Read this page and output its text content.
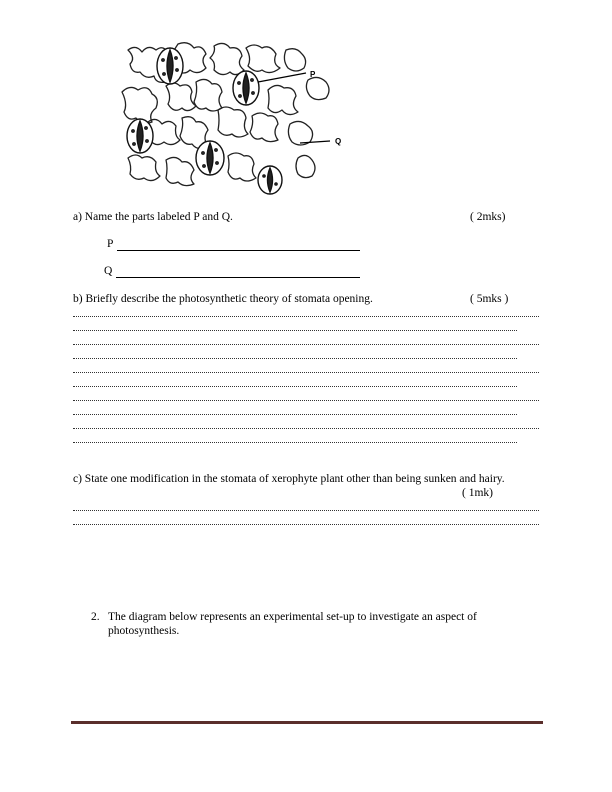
P
Q
a) Name the parts labeled P and Q.	( 2mks)
P
Q
b) Briefly describe the photosynthetic theory of stomata opening.	( 5mks )
c) State one modification in the stomata of xerophyte plant other than being sunken and hairy.
( 1mk)
2. The diagram below represents an experimental set-up to investigate an aspect of
photosynthesis.
